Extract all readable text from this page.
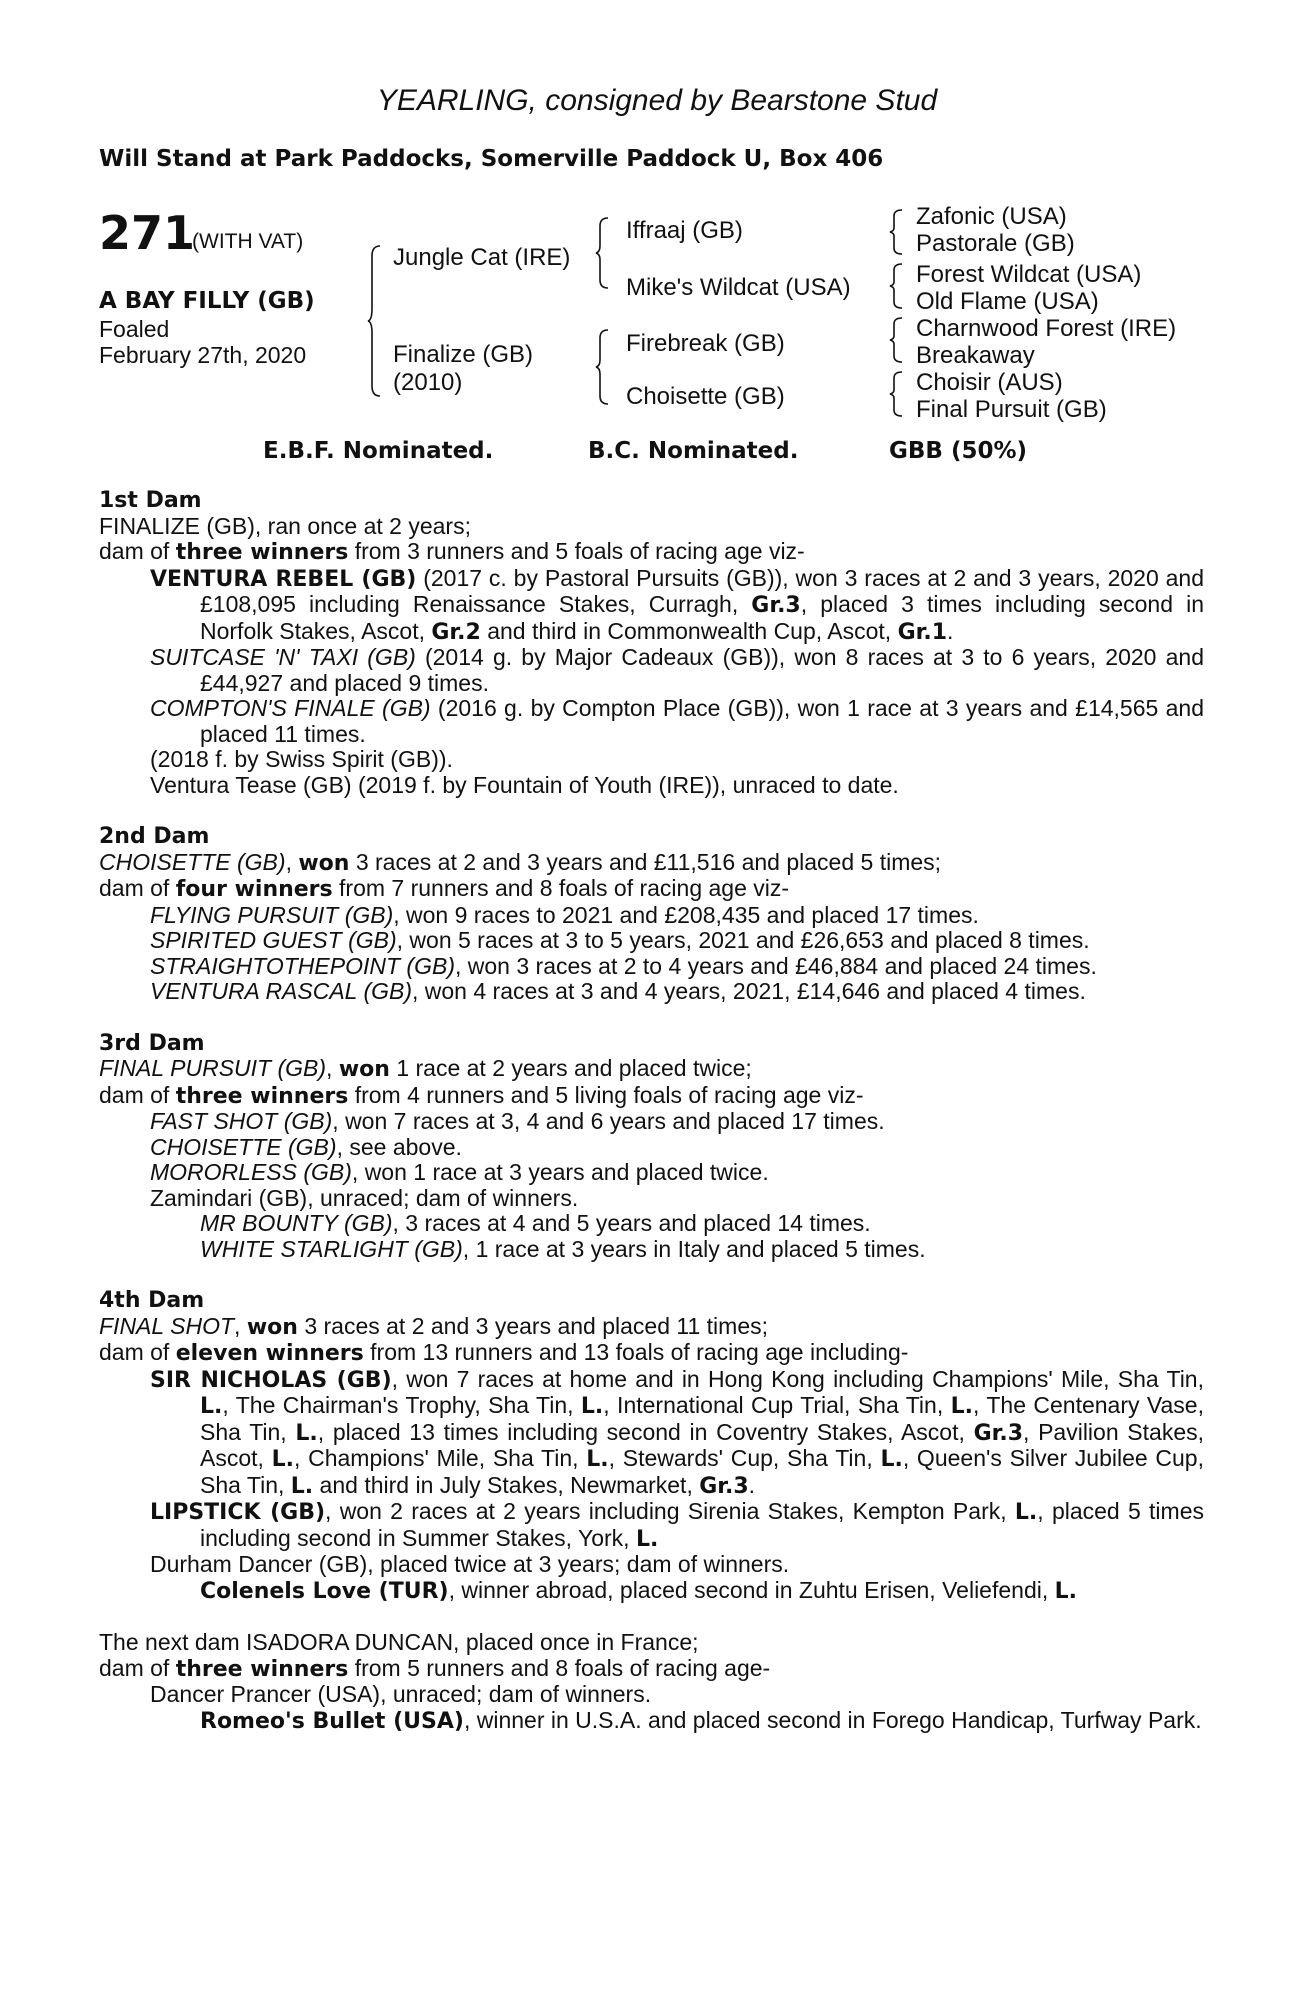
YEARLING, consigned by Bearstone Stud
Will Stand at Park Paddocks, Somerville Paddock U, Box 406
271
(WITH VAT)
A BAY FILLY (GB)
Foaled
February 27th, 2020
Jungle Cat (IRE)
Finalize (GB)
(2010)
Iffraaj (GB)
Mike's Wildcat (USA)
Firebreak (GB)
Choisette (GB)
Zafonic (USA)
Pastorale (GB)
Forest Wildcat (USA)
Old Flame (USA)
Charnwood Forest (IRE)
Breakaway
Choisir (AUS)
Final Pursuit (GB)
E.B.F. Nominated.	B.C. Nominated.	GBB (50%)
1st Dam
FINALIZE (GB), ran once at 2 years;
dam of three winners from 3 runners and 5 foals of racing age viz-
VENTURA REBEL (GB) (2017 c. by Pastoral Pursuits (GB)), won 3 races at 2 and 3 years, 2020 and £108,095 including Renaissance Stakes, Curragh, Gr.3, placed 3 times including second in Norfolk Stakes, Ascot, Gr.2 and third in Commonwealth Cup, Ascot, Gr.1.
SUITCASE 'N' TAXI (GB) (2014 g. by Major Cadeaux (GB)), won 8 races at 3 to 6 years, 2020 and £44,927 and placed 9 times.
COMPTON'S FINALE (GB) (2016 g. by Compton Place (GB)), won 1 race at 3 years and £14,565 and placed 11 times.
(2018 f. by Swiss Spirit (GB)).
Ventura Tease (GB) (2019 f. by Fountain of Youth (IRE)), unraced to date.
2nd Dam
CHOISETTE (GB), won 3 races at 2 and 3 years and £11,516 and placed 5 times;
dam of four winners from 7 runners and 8 foals of racing age viz-
FLYING PURSUIT (GB), won 9 races to 2021 and £208,435 and placed 17 times.
SPIRITED GUEST (GB), won 5 races at 3 to 5 years, 2021 and £26,653 and placed 8 times.
STRAIGHTOTHEPOINT (GB), won 3 races at 2 to 4 years and £46,884 and placed 24 times.
VENTURA RASCAL (GB), won 4 races at 3 and 4 years, 2021, £14,646 and placed 4 times.
3rd Dam
FINAL PURSUIT (GB), won 1 race at 2 years and placed twice;
dam of three winners from 4 runners and 5 living foals of racing age viz-
FAST SHOT (GB), won 7 races at 3, 4 and 6 years and placed 17 times.
CHOISETTE (GB), see above.
MORORLESS (GB), won 1 race at 3 years and placed twice.
Zamindari (GB), unraced; dam of winners.
MR BOUNTY (GB), 3 races at 4 and 5 years and placed 14 times.
WHITE STARLIGHT (GB), 1 race at 3 years in Italy and placed 5 times.
4th Dam
FINAL SHOT, won 3 races at 2 and 3 years and placed 11 times;
dam of eleven winners from 13 runners and 13 foals of racing age including-
SIR NICHOLAS (GB), won 7 races at home and in Hong Kong including Champions' Mile, Sha Tin, L., The Chairman's Trophy, Sha Tin, L., International Cup Trial, Sha Tin, L., The Centenary Vase, Sha Tin, L., placed 13 times including second in Coventry Stakes, Ascot, Gr.3, Pavilion Stakes, Ascot, L., Champions' Mile, Sha Tin, L., Stewards' Cup, Sha Tin, L., Queen's Silver Jubilee Cup, Sha Tin, L. and third in July Stakes, Newmarket, Gr.3.
LIPSTICK (GB), won 2 races at 2 years including Sirenia Stakes, Kempton Park, L., placed 5 times including second in Summer Stakes, York, L.
Durham Dancer (GB), placed twice at 3 years; dam of winners.
Colenels Love (TUR), winner abroad, placed second in Zuhtu Erisen, Veliefendi, L.
The next dam ISADORA DUNCAN, placed once in France;
dam of three winners from 5 runners and 8 foals of racing age-
Dancer Prancer (USA), unraced; dam of winners.
Romeo's Bullet (USA), winner in U.S.A. and placed second in Forego Handicap, Turfway Park.
